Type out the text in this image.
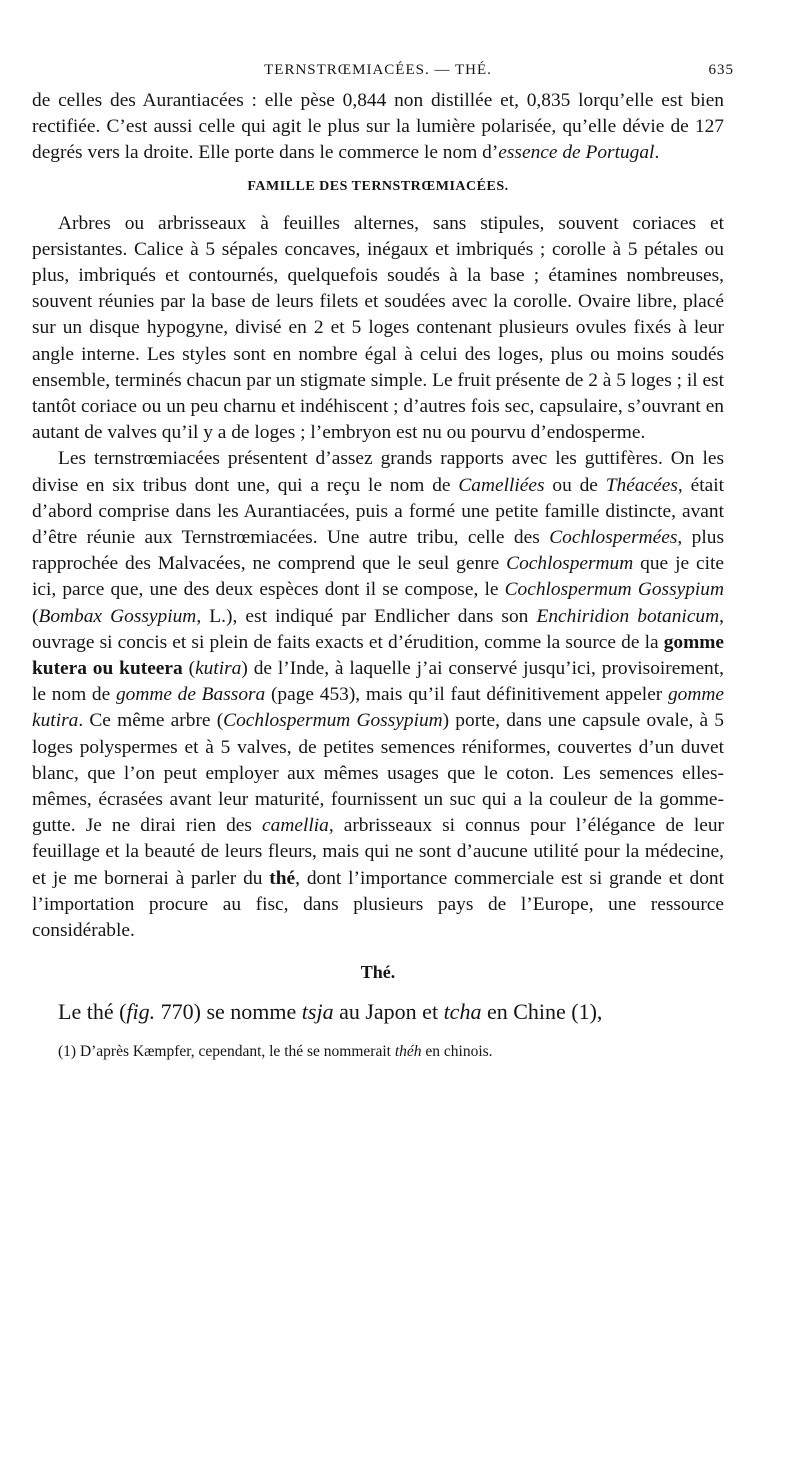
TERNSTRŒMIACÉES. — THÉ.	635

de celles des Aurantiacées : elle pèse 0,844 non distillée et, 0,835 lorqu’elle est bien rectifiée. C’est aussi celle qui agit le plus sur la lumière polarisée, qu’elle dévie de 127 degrés vers la droite. Elle porte dans le commerce le nom d’essence de Portugal.

FAMILLE DES TERNSTRŒMIACÉES.

Arbres ou arbrisseaux à feuilles alternes, sans stipules, souvent coriaces et persistantes. Calice à 5 sépales concaves, inégaux et imbriqués ; corolle à 5 pétales ou plus, imbriqués et contournés, quelquefois soudés à la base ; étamines nombreuses, souvent réunies par la base de leurs filets et soudées avec la corolle. Ovaire libre, placé sur un disque hypogyne, divisé en 2 et 5 loges contenant plusieurs ovules fixés à leur angle interne. Les styles sont en nombre égal à celui des loges, plus ou moins soudés ensemble, terminés chacun par un stigmate simple. Le fruit présente de 2 à 5 loges ; il est tantôt coriace ou un peu charnu et indéhiscent ; d’autres fois sec, capsulaire, s’ouvrant en autant de valves qu’il y a de loges ; l’embryon est nu ou pourvu d’endosperme.

Les ternstrœmiacées présentent d’assez grands rapports avec les guttifères. On les divise en six tribus dont une, qui a reçu le nom de Camelliées ou de Théacées, était d’abord comprise dans les Aurantiacées, puis a formé une petite famille distincte, avant d’être réunie aux Ternstrœmiacées. Une autre tribu, celle des Cochlospermées, plus rapprochée des Malvacées, ne comprend que le seul genre Cochlospermum que je cite ici, parce que, une des deux espèces dont il se compose, le Cochlospermum Gossypium (Bombax Gossypium, L.), est indiqué par Endlicher dans son Enchiridion botanicum, ouvrage si concis et si plein de faits exacts et d’érudition, comme la source de la gomme kutera ou kuteera (kutira) de l’Inde, à laquelle j’ai conservé jusqu’ici, provisoirement, le nom de gomme de Bassora (page 453), mais qu’il faut définitivement appeler gomme kutira. Ce même arbre (Cochlospermum Gossypium) porte, dans une capsule ovale, à 5 loges polyspermes et à 5 valves, de petites semences réniformes, couvertes d’un duvet blanc, que l’on peut employer aux mêmes usages que le coton. Les semences elles-mêmes, écrasées avant leur maturité, fournissent un suc qui a la couleur de la gomme-gutte. Je ne dirai rien des camellia, arbrisseaux si connus pour l’élégance de leur feuillage et la beauté de leurs fleurs, mais qui ne sont d’aucune utilité pour la médecine, et je me bornerai à parler du thé, dont l’importance commerciale est si grande et dont l’importation procure au fisc, dans plusieurs pays de l’Europe, une ressource considérable.

Thé.

Le thé (fig. 770) se nomme tsja au Japon et tcha en Chine (1),

(1) D’après Kæmpfer, cependant, le thé se nommerait théh en chinois.
